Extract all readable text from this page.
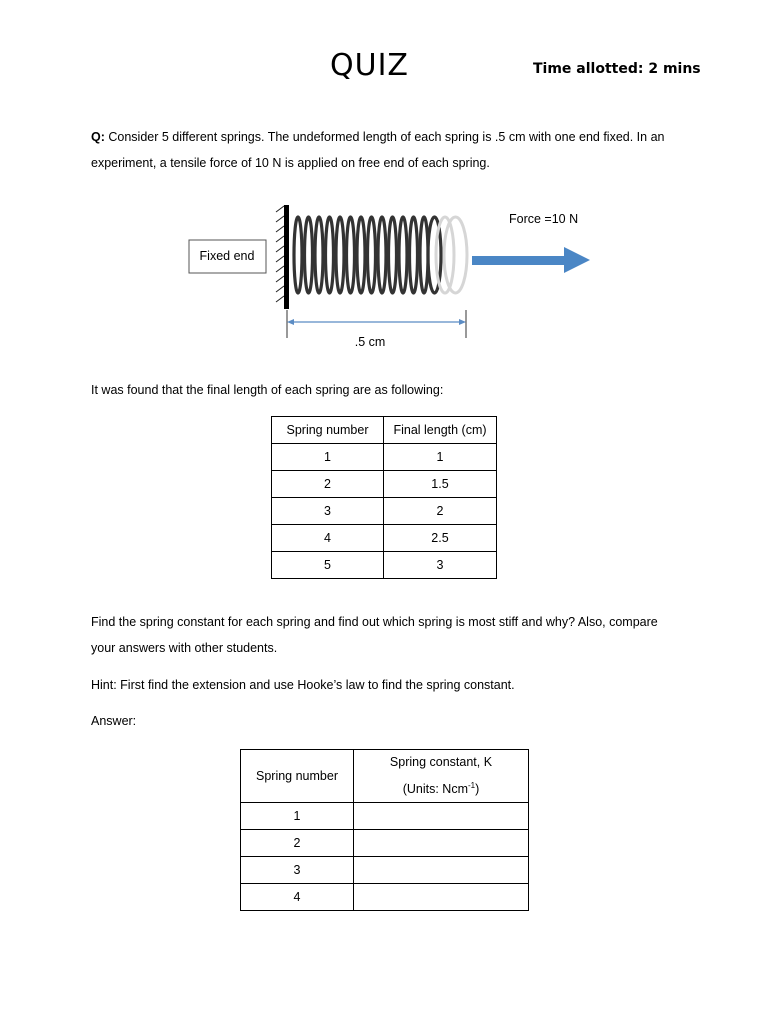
QUIZ	Time allotted: 2 mins
Q: Consider 5 different springs. The undeformed length of each spring is .5 cm with one end fixed. In an
experiment, a tensile force of 10 N is applied on free end of each spring.
Fixed end
Force =10 N
.5 cm
It was found that the final length of each spring are as following:
Spring number	Final length (cm)
1	1
2	1.5
3	2
4	2.5
5	3
Find the spring constant for each spring and find out which spring is most stiff and why? Also, compare
your answers with other students.
Hint: First find the extension and use Hooke’s law to find the spring constant.
Answer:
Spring number	Spring constant, K
(Units: Ncm$^{-1}$)
1	
2	
3	
4	
